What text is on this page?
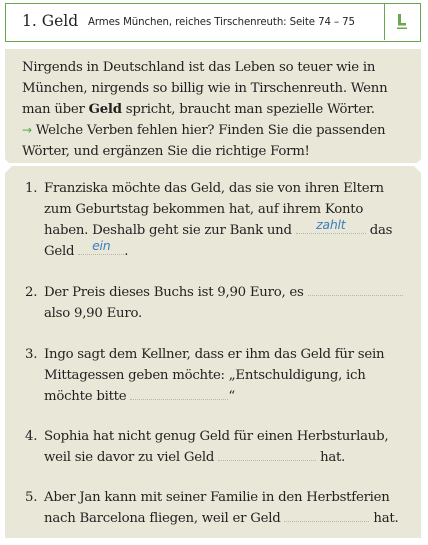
1. Geld Armes München, reiches Tirschenreuth: Seite 74 – 75

Nirgends in Deutschland ist das Leben so teuer wie in
München, nirgends so billig wie in Tirschenreuth. Wenn
man über Geld spricht, braucht man spezielle Wörter.
→ Welche Verben fehlen hier? Finden Sie die passenden
Wörter, und ergänzen Sie die richtige Form!

1. Franziska möchte das Geld, das sie von ihren Eltern
zum Geburtstag bekommen hat, auf ihrem Konto
haben. Deshalb geht sie zur Bank und	zahlt	das
Geld	ein	.
2. Der Preis dieses Buchs ist 9,90 Euro, es
also 9,90 Euro.
3. Ingo sagt dem Kellner, dass er ihm das Geld für sein
Mittagessen geben möchte: „Entschuldigung, ich
möchte bitte	“
4. Sophia hat nicht genug Geld für einen Herbsturlaub,
weil sie davor zu viel Geld	hat.
5. Aber Jan kann mit seiner Familie in den Herbstferien
nach Barcelona fliegen, weil er Geld	hat.
